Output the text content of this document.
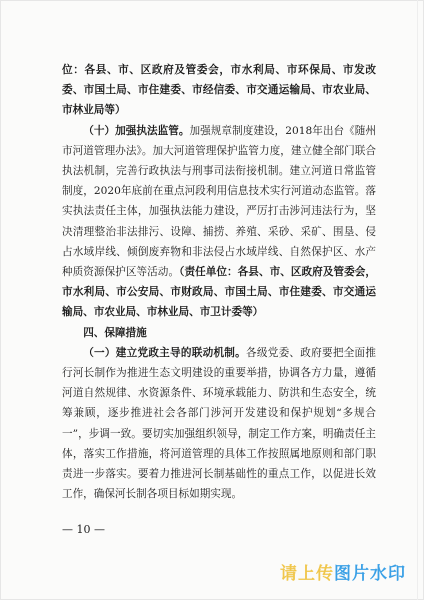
位：各县、市、区政府及管委会，市水利局、市环保局、市发改委、市国土局、市住建委、市经信委、市交通运输局、市农业局、市林业局等）

（十）加强执法监管。加强规章制度建设，2018年出台《随州市河道管理办法》。加大河道管理保护监管力度，建立健全部门联合执法机制，完善行政执法与刑事司法衔接机制。建立河道日常监管制度，2020年底前在重点河段利用信息技术实行河道动态监管。落实执法责任主体，加强执法能力建设，严厉打击涉河违法行为，坚决清理整治非法排污、设障、捕捞、养殖、采砂、采矿、围垦、侵占水域岸线、倾倒废弃物和非法侵占水域岸线、自然保护区、水产种质资源保护区等活动。（责任单位：各县、市、区政府及管委会，市水利局、市公安局、市财政局、市国土局、市住建委、市交通运输局、市农业局、市林业局、市卫计委等）

四、保障措施

（一）建立党政主导的联动机制。各级党委、政府要把全面推行河长制作为推进生态文明建设的重要举措，协调各方力量，遵循河道自然规律、水资源条件、环境承载能力、防洪和生态安全，统筹兼顾，逐步推进社会各部门涉河开发建设和保护规划“多规合一”，步调一致。要切实加强组织领导，制定工作方案，明确责任主体，落实工作措施，将河道管理的具体工作按照属地原则和部门职责进一步落实。要着力推进河长制基础性的重点工作，以促进长效工作，确保河长制各项目标如期实现。

— 10 —
请上传图片水印
